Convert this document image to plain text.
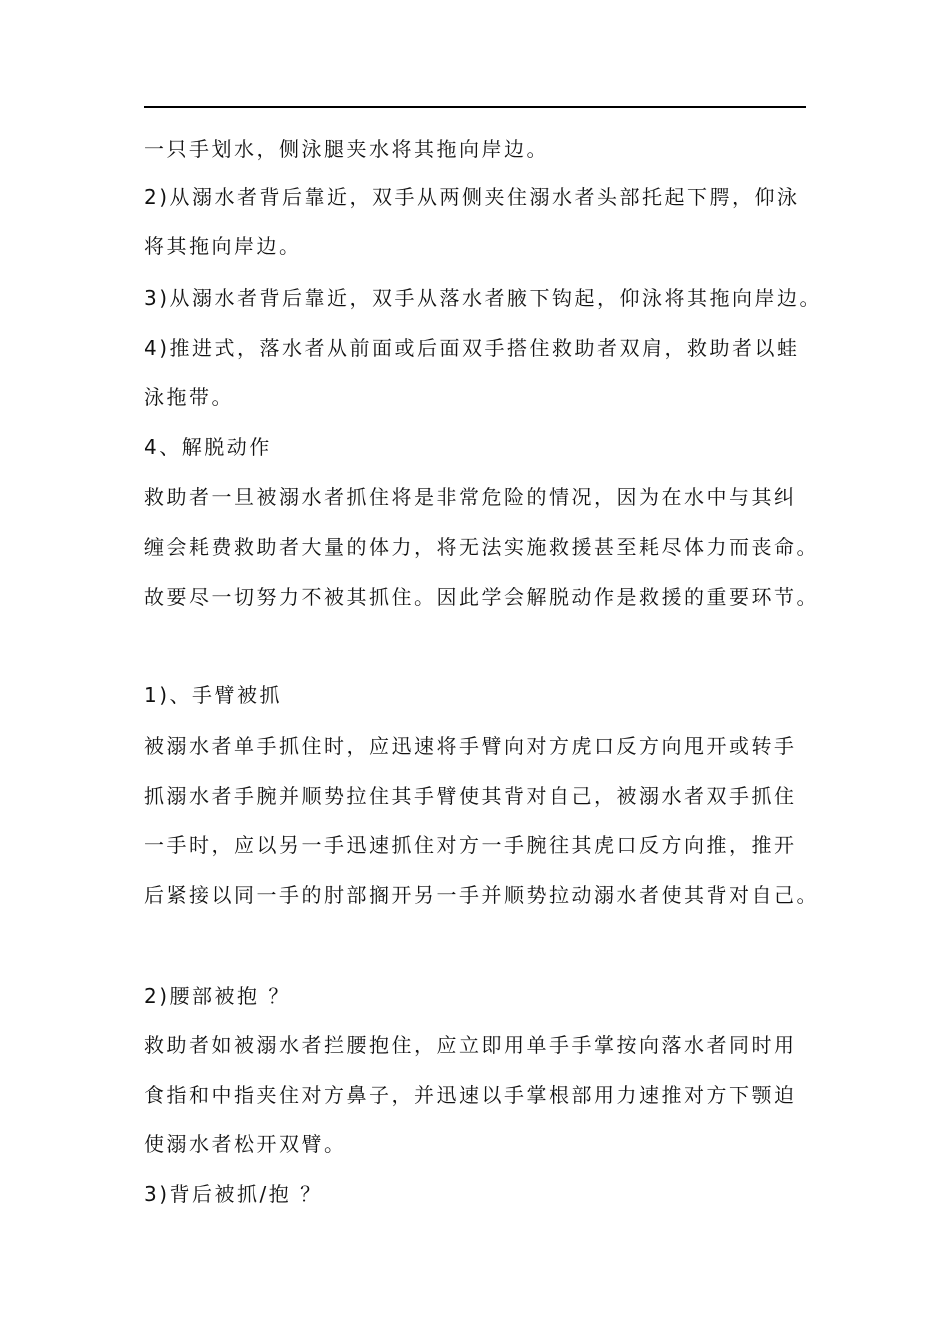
一只手划水，侧泳腿夹水将其拖向岸边。
2)从溺水者背后靠近，双手从两侧夹住溺水者头部托起下腭，仰泳
将其拖向岸边。
3)从溺水者背后靠近，双手从落水者腋下钩起，仰泳将其拖向岸边。
4)推进式，落水者从前面或后面双手搭住救助者双肩，救助者以蛙
泳拖带。
4、解脱动作
救助者一旦被溺水者抓住将是非常危险的情况，因为在水中与其纠
缠会耗费救助者大量的体力，将无法实施救援甚至耗尽体力而丧命。
故要尽一切努力不被其抓住。因此学会解脱动作是救援的重要环节。
1)、手臂被抓
被溺水者单手抓住时，应迅速将手臂向对方虎口反方向甩开或转手
抓溺水者手腕并顺势拉住其手臂使其背对自己，被溺水者双手抓住
一手时，应以另一手迅速抓住对方一手腕往其虎口反方向推，推开
后紧接以同一手的肘部搁开另一手并顺势拉动溺水者使其背对自己。
2)腰部被抱 ？
救助者如被溺水者拦腰抱住，应立即用单手手掌按向落水者同时用
食指和中指夹住对方鼻子，并迅速以手掌根部用力速推对方下颚迫
使溺水者松开双臂。
3)背后被抓/抱 ？
